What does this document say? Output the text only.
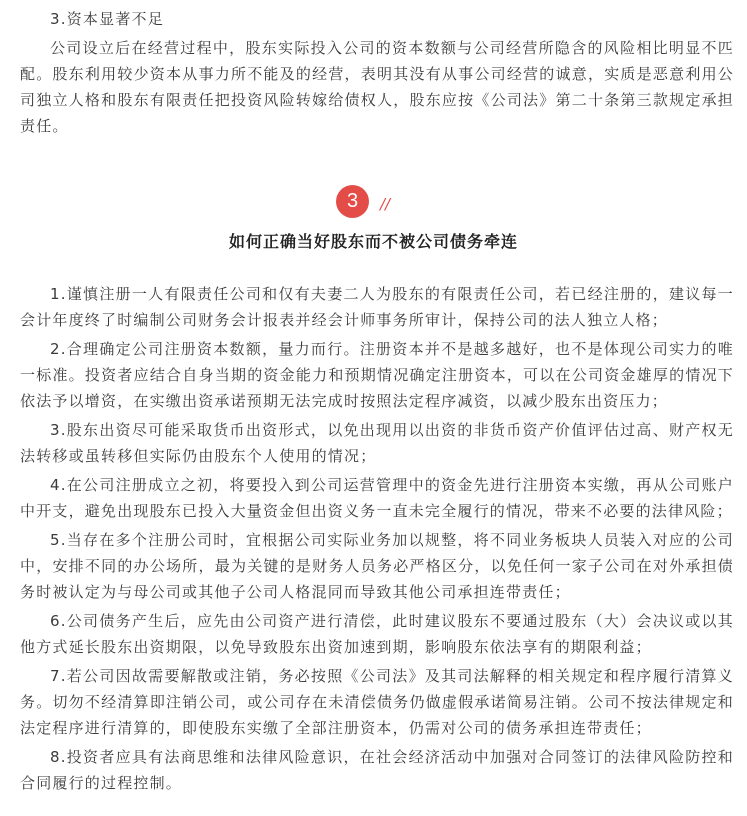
3.资本显著不足

公司设立后在经营过程中，股东实际投入公司的资本数额与公司经营所隐含的风险相比明显不匹配。股东利用较少资本从事力所不能及的经营，表明其没有从事公司经营的诚意，实质是恶意利用公司独立人格和股东有限责任把投资风险转嫁给债权人，股东应按《公司法》第二十条第三款规定承担责任。

3	//
如何正确当好股东而不被公司债务牵连

1.谨慎注册一人有限责任公司和仅有夫妻二人为股东的有限责任公司，若已经注册的，建议每一会计年度终了时编制公司财务会计报表并经会计师事务所审计，保持公司的法人独立人格；

2.合理确定公司注册资本数额，量力而行。注册资本并不是越多越好，也不是体现公司实力的唯一标准。投资者应结合自身当期的资金能力和预期情况确定注册资本，可以在公司资金雄厚的情况下依法予以增资，在实缴出资承诺预期无法完成时按照法定程序减资，以减少股东出资压力；

3.股东出资尽可能采取货币出资形式，以免出现用以出资的非货币资产价值评估过高、财产权无法转移或虽转移但实际仍由股东个人使用的情况；

4.在公司注册成立之初，将要投入到公司运营管理中的资金先进行注册资本实缴，再从公司账户中开支，避免出现股东已投入大量资金但出资义务一直未完全履行的情况，带来不必要的法律风险；

5.当存在多个注册公司时，宜根据公司实际业务加以规整，将不同业务板块人员装入对应的公司中，安排不同的办公场所，最为关键的是财务人员务必严格区分，以免任何一家子公司在对外承担债务时被认定为与母公司或其他子公司人格混同而导致其他公司承担连带责任；

6.公司债务产生后，应先由公司资产进行清偿，此时建议股东不要通过股东（大）会决议或以其他方式延长股东出资期限，以免导致股东出资加速到期，影响股东依法享有的期限利益；

7.若公司因故需要解散或注销，务必按照《公司法》及其司法解释的相关规定和程序履行清算义务。切勿不经清算即注销公司，或公司存在未清偿债务仍做虚假承诺简易注销。公司不按法律规定和法定程序进行清算的，即使股东实缴了全部注册资本，仍需对公司的债务承担连带责任；

8.投资者应具有法商思维和法律风险意识，在社会经济活动中加强对合同签订的法律风险防控和合同履行的过程控制。
